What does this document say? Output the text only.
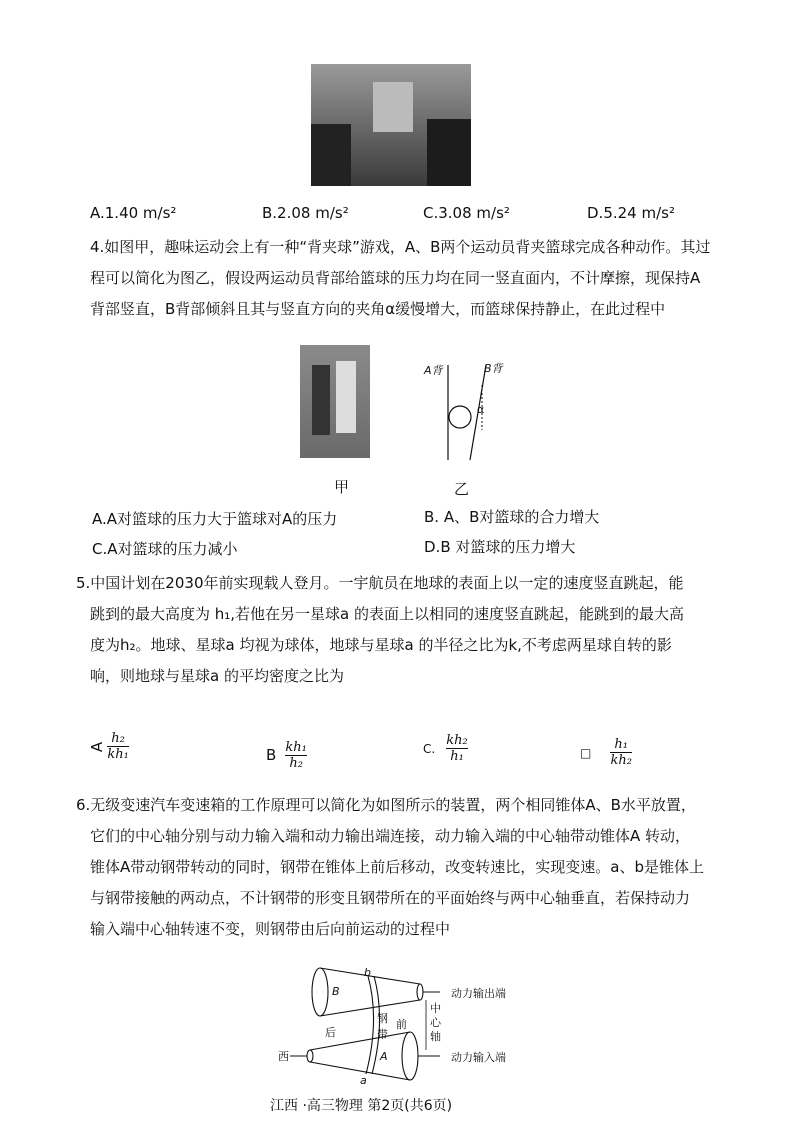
A.1.40 m/s²	B.2.08 m/s²	C.3.08 m/s²	D.5.24 m/s²
4.如图甲，趣味运动会上有一种“背夹球”游戏，A、B两个运动员背夹篮球完成各种动作。其过
程可以简化为图乙，假设两运动员背部给篮球的压力均在同一竖直面内，不计摩擦，现保持A
背部竖直，B背部倾斜且其与竖直方向的夹角α缓慢增大，而篮球保持静止，在此过程中
甲
A背	B背
α
乙
A.A对篮球的压力大于篮球对A的压力	B. A、B对篮球的合力增大
C.A对篮球的压力减小	D.B 对篮球的压力增大
5.中国计划在2030年前实现载人登月。一宇航员在地球的表面上以一定的速度竖直跳起，能
跳到的最大高度为 h₁,若他在另一星球a 的表面上以相同的速度竖直跳起，能跳到的最大高
度为h₂。地球、星球a 均视为球体，地球与星球a 的半径之比为k,不考虑两星球自转的影
响，则地球与星球a 的平均密度之比为
A $\frac{\text{h₂}}{\text{kh₁}}$	B $\frac{\text{kh₁}}{\text{h₂}}$	C. $\frac{\text{kh₂}}{\text{h₁}}$	□ $\frac{\text{h₁}}{\text{kh₂}}$
6.无级变速汽车变速箱的工作原理可以简化为如图所示的装置，两个相同锥体A、B水平放置，
它们的中心轴分别与动力输入端和动力输出端连接，动力输入端的中心轴带动锥体A 转动，
锥体A带动钢带转动的同时，钢带在锥体上前后移动，改变转速比，实现变速。a、b是锥体上
与钢带接触的两动点，不计钢带的形变且钢带所在的平面始终与两中心轴垂直，若保持动力
输入端中心轴转速不变，则钢带由后向前运动的过程中
西
B
b
A
a
后
钢
带
前
中
心
轴
动力输出端
动力输入端
江西 ·高三物理 第2页(共6页)
